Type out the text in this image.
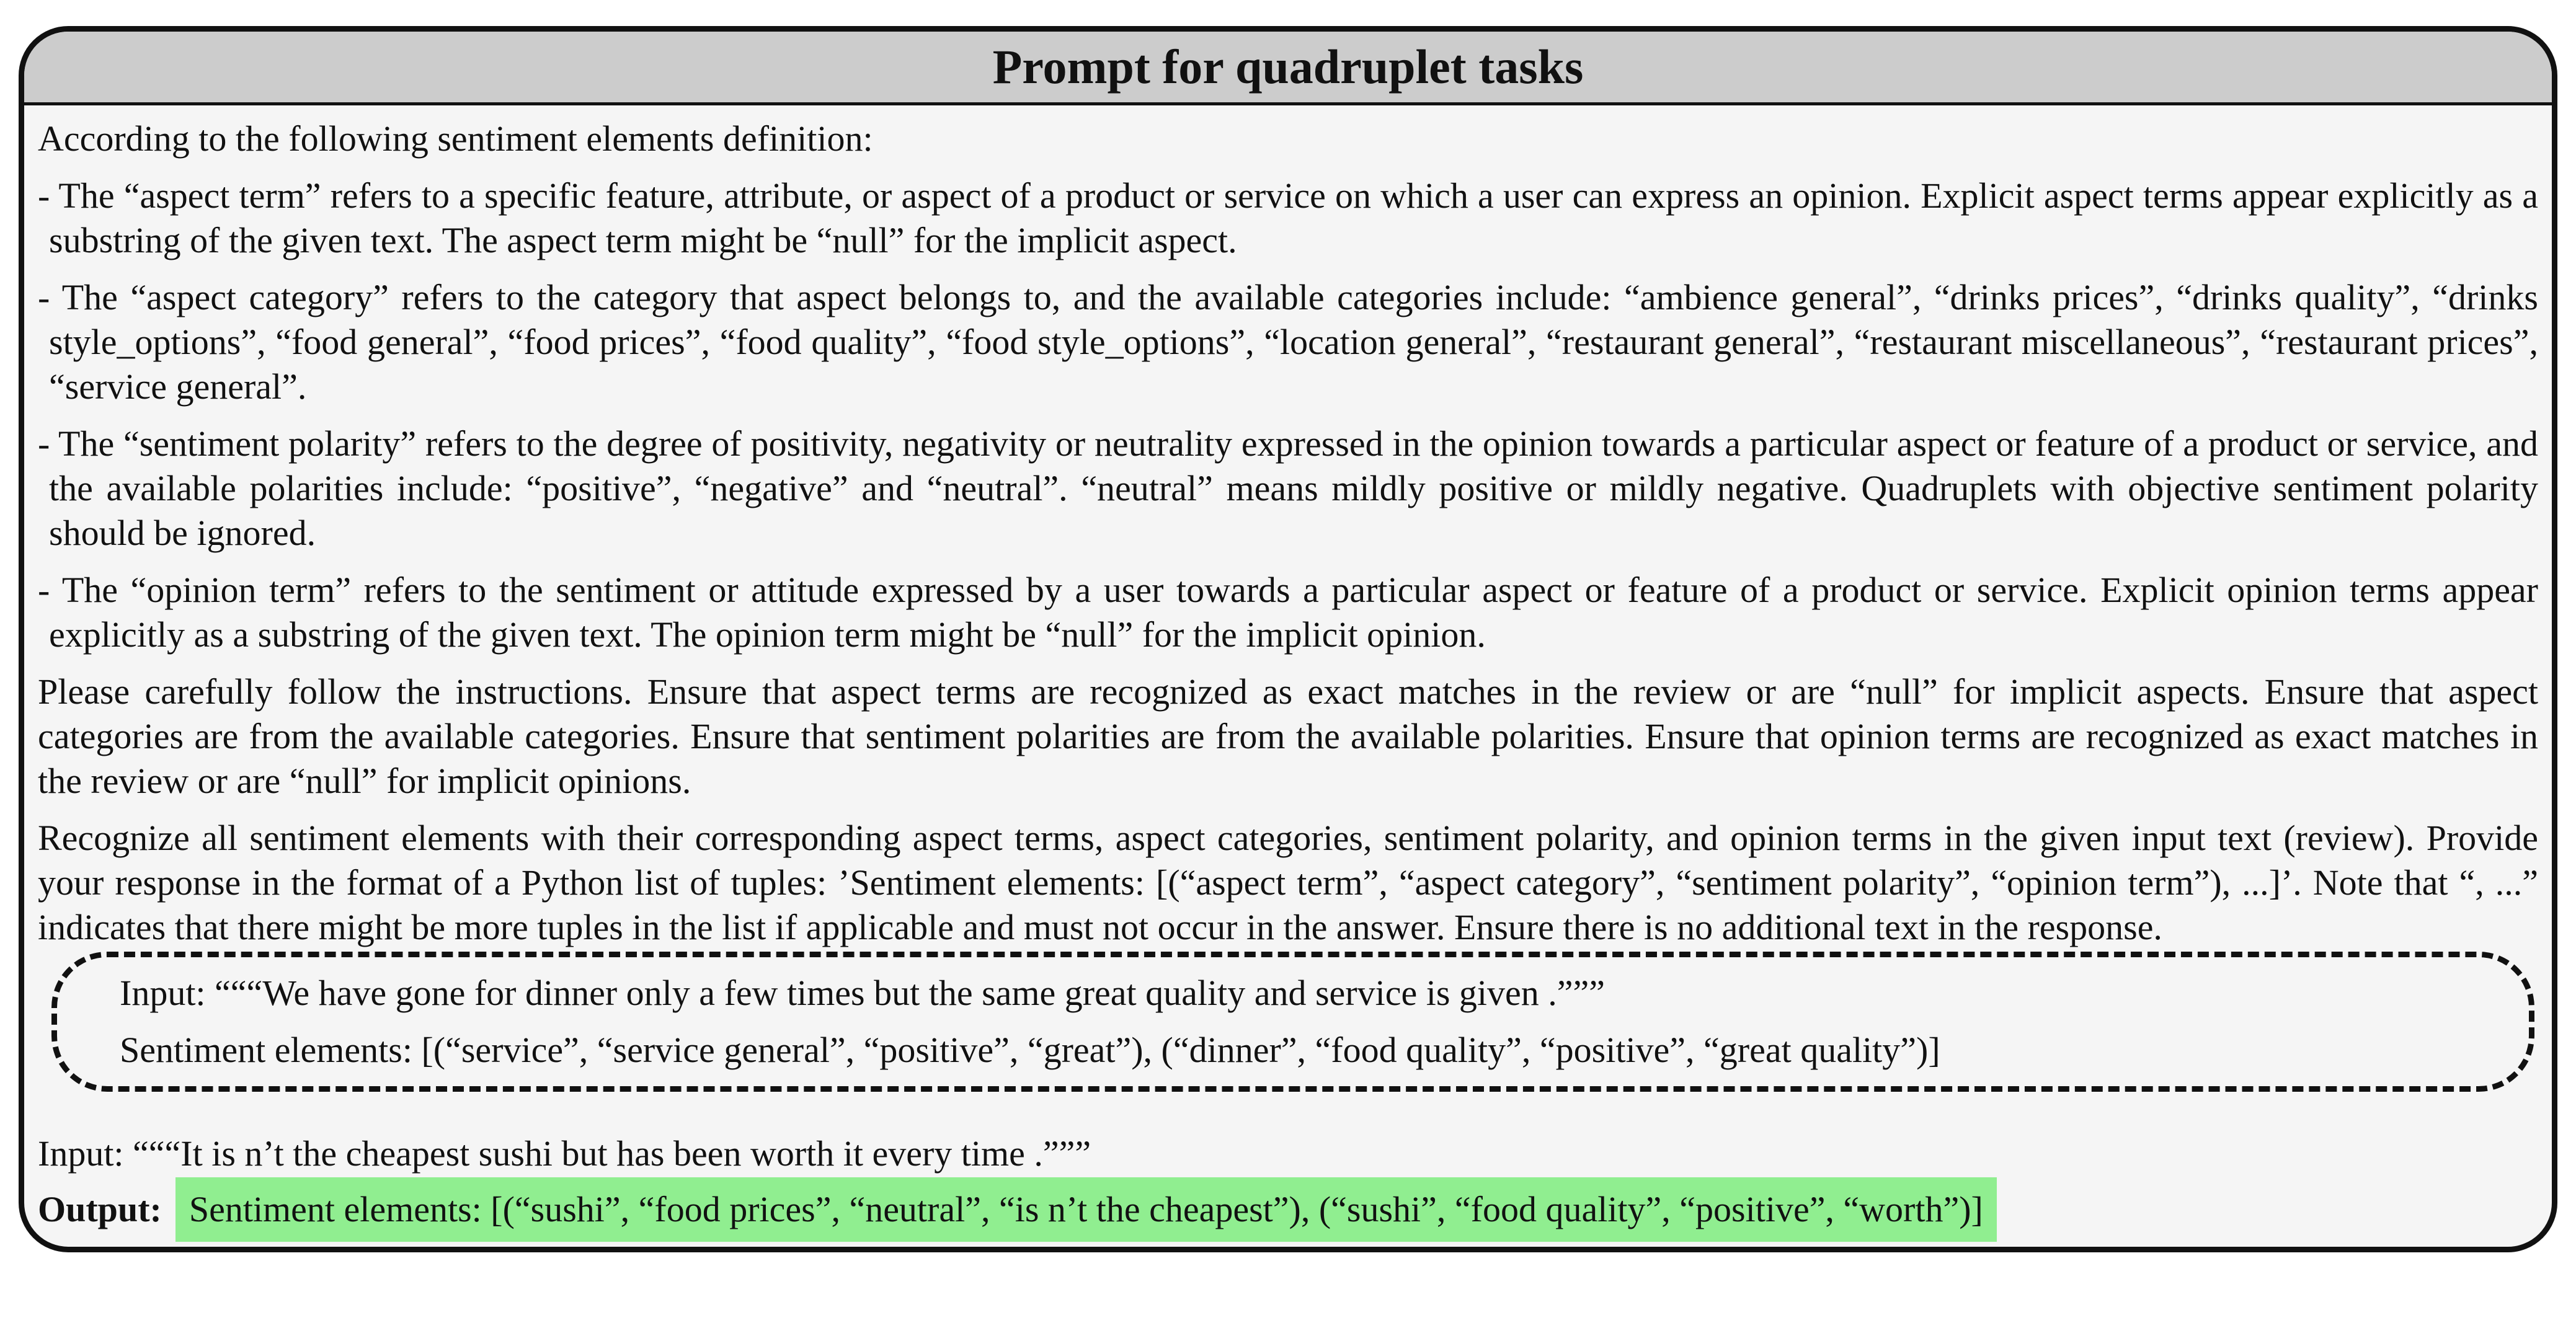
Prompt for quadruplet tasks
According to the following sentiment elements definition:
- The “aspect term” refers to a specific feature, attribute, or aspect of a product or service on which a user can express an opinion. Explicit aspect terms appear explicitly as a substring of the given text. The aspect term might be “null” for the implicit aspect.
- The “aspect category” refers to the category that aspect belongs to, and the available categories include: “ambience general”, “drinks prices”, “drinks quality”, “drinks style_options”, “food general”, “food prices”, “food quality”, “food style_options”, “location general”, “restaurant general”, “restaurant miscellaneous”, “restaurant prices”, “service general”.
- The “sentiment polarity” refers to the degree of positivity, negativity or neutrality expressed in the opinion towards a particular aspect or feature of a product or service, and the available polarities include: “positive”, “negative” and “neutral”. “neutral” means mildly positive or mildly negative. Quadruplets with objective sentiment polarity should be ignored.
- The “opinion term” refers to the sentiment or attitude expressed by a user towards a particular aspect or feature of a product or service. Explicit opinion terms appear explicitly as a substring of the given text. The opinion term might be “null” for the implicit opinion.
Please carefully follow the instructions. Ensure that aspect terms are recognized as exact matches in the review or are “null” for implicit aspects. Ensure that aspect categories are from the available categories. Ensure that sentiment polarities are from the available polarities. Ensure that opinion terms are recognized as exact matches in the review or are “null” for implicit opinions.
Recognize all sentiment elements with their corresponding aspect terms, aspect categories, sentiment polarity, and opinion terms in the given input text (review). Provide your response in the format of a Python list of tuples: ’Sentiment elements: [(“aspect term”, “aspect category”, “sentiment polarity”, “opinion term”), ...]’. Note that “, ...” indicates that there might be more tuples in the list if applicable and must not occur in the answer. Ensure there is no additional text in the response.
Input: “““We have gone for dinner only a few times but the same great quality and service is given .”””
Sentiment elements: [(“service”, “service general”, “positive”, “great”), (“dinner”, “food quality”, “positive”, “great quality”)]
Input: “““It is n’t the cheapest sushi but has been worth it every time .”””
Output: Sentiment elements: [(“sushi”, “food prices”, “neutral”, “is n’t the cheapest”), (“sushi”, “food quality”, “positive”, “worth”)]
